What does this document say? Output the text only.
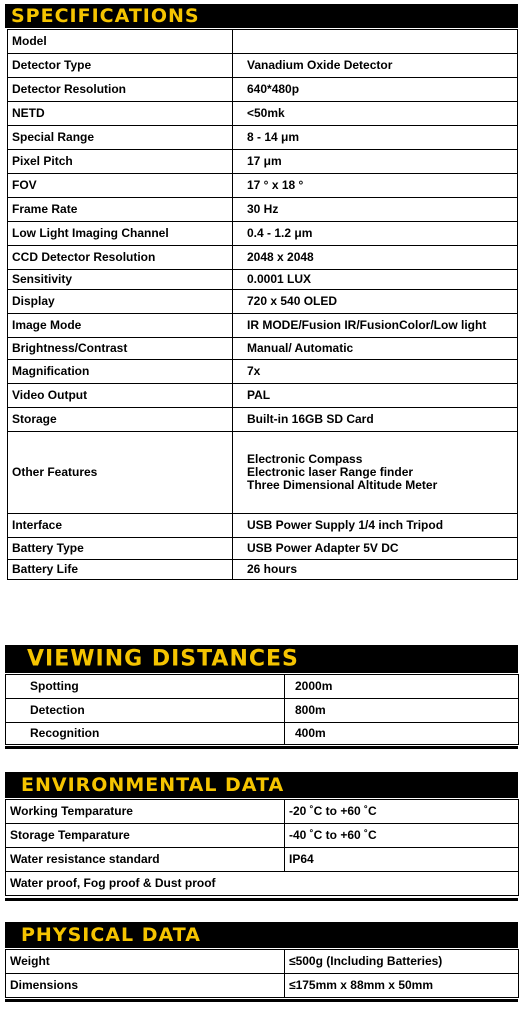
SPECIFICATIONS
Model	
Detector Type	Vanadium Oxide Detector
Detector Resolution	640*480p
NETD	<50mk
Special Range	8 - 14 μm
Pixel Pitch	17 μm
FOV	17 ° x 18 °
Frame Rate	30 Hz
Low Light Imaging Channel	0.4 - 1.2 μm
CCD Detector Resolution	2048 x 2048
Sensitivity	0.0001 LUX
Display	720 x 540 OLED
Image Mode	IR MODE/Fusion IR/FusionColor/Low light
Brightness/Contrast	Manual/ Automatic
Magnification	7x
Video Output	PAL
Storage	Built-in 16GB SD Card
Other Features	Electronic Compass
Electronic laser Range finder
Three Dimensional Altitude Meter

Interface	USB Power Supply 1/4 inch Tripod
Battery Type	USB Power Adapter 5V DC
Battery Life	26 hours
VIEWING DISTANCES
Spotting	2000m
Detection	800m
Recognition	400m
ENVIRONMENTAL DATA
Working Temparature	-20 ˚C to +60 ˚C
Storage Temparature	-40 ˚C to +60 ˚C
Water resistance standard	IP64
Water proof, Fog proof & Dust proof	
PHYSICAL DATA
Weight	≤500g (Including Batteries)
Dimensions	≤175mm x 88mm x 50mm
